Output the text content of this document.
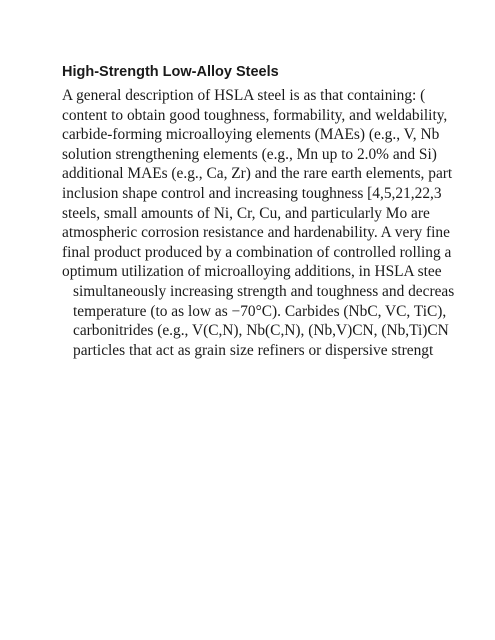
High-Strength Low-Alloy Steels
A general description of HSLA steel is as that containing: (
content to obtain good toughness, formability, and weldability,
carbide-forming microalloying elements (MAEs) (e.g., V, Nb
solution strengthening elements (e.g., Mn up to 2.0% and Si)
additional MAEs (e.g., Ca, Zr) and the rare earth elements, part
inclusion shape control and increasing toughness [4,5,21,22,3
steels, small amounts of Ni, Cr, Cu, and particularly Mo are
atmospheric corrosion resistance and hardenability. A very fine
final product produced by a combination of controlled rolling a
optimum utilization of microalloying additions, in HSLA stee
simultaneously increasing strength and toughness and decreas
temperature (to as low as −70°C). Carbides (NbC, VC, TiC),
carbonitrides (e.g., V(C,N), Nb(C,N), (Nb,V)CN, (Nb,Ti)CN
particles that act as grain size refiners or dispersive strengt
